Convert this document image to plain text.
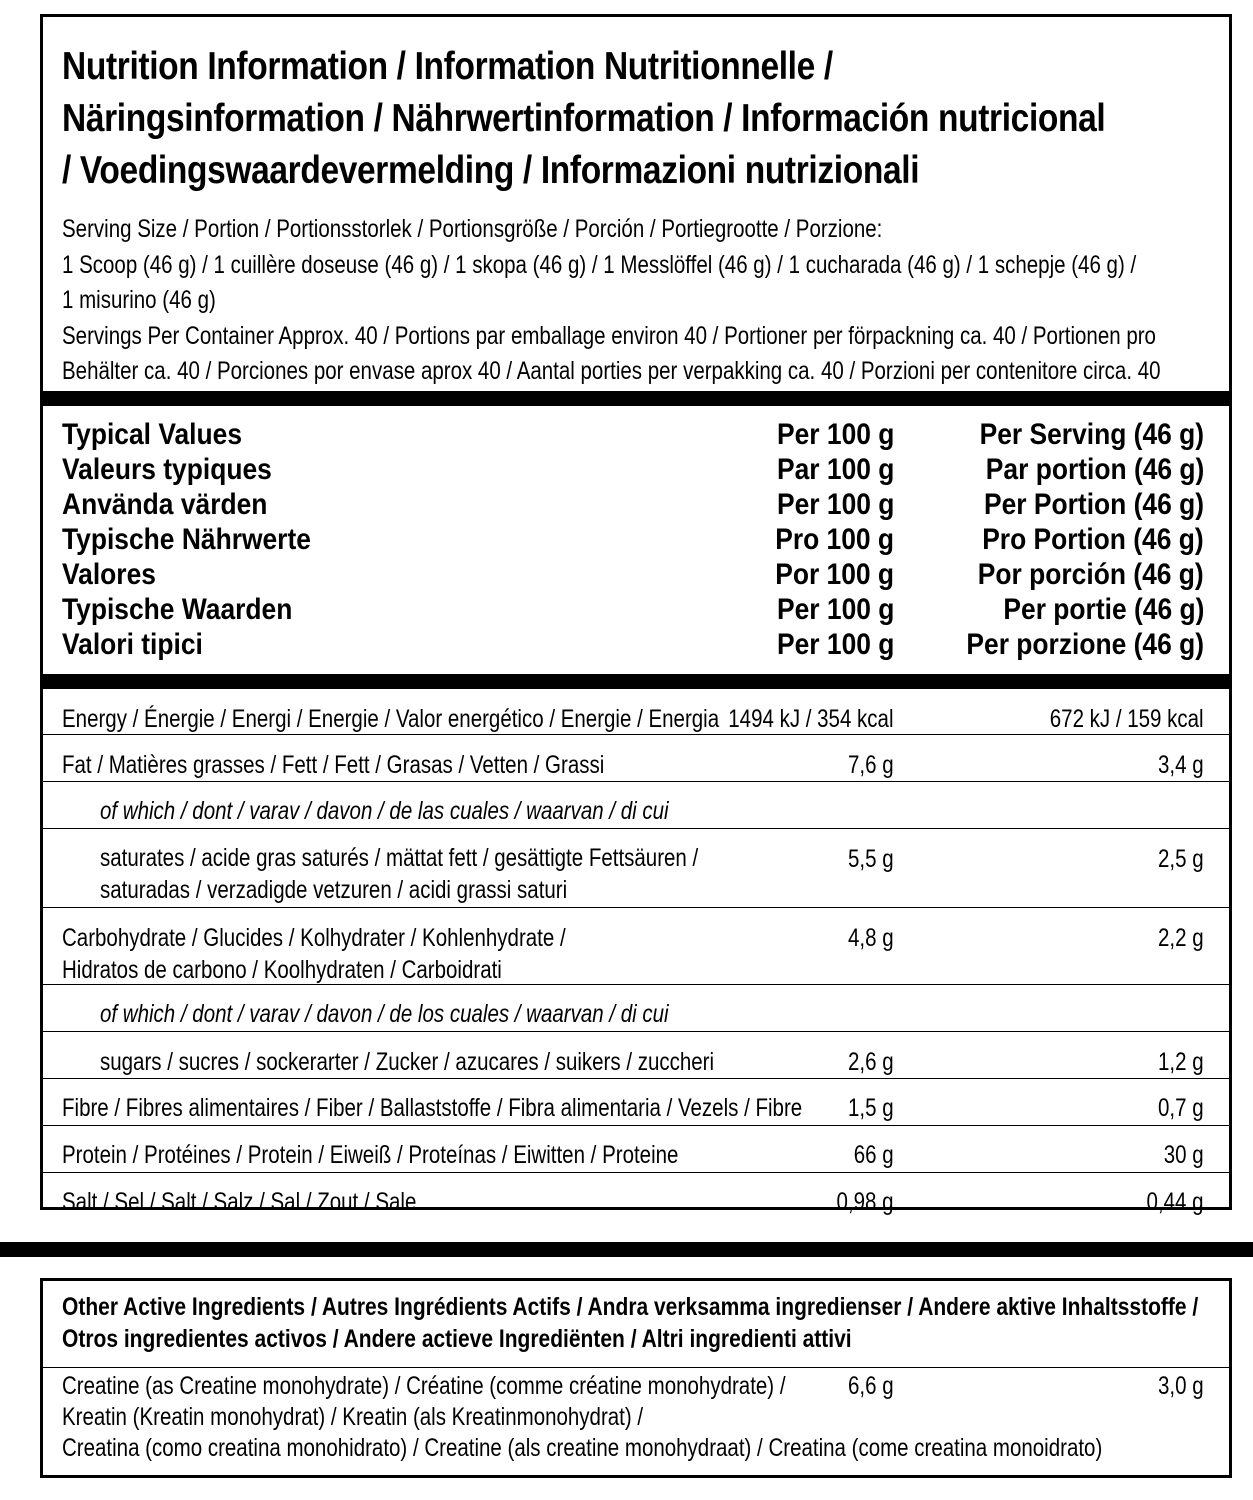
Nutrition Information / Information Nutritionnelle /
Näringsinformation / Nährwertinformation / Información nutricional
/ Voedingswaardevermelding / Informazioni nutrizionali
Serving Size / Portion / Portionsstorlek / Portionsgröße / Porción / Portiegrootte / Porzione:
1 Scoop (46 g) / 1 cuillère doseuse (46 g) / 1 skopa (46 g) / 1 Messlöffel (46 g) / 1 cucharada (46 g) / 1 schepje (46 g) /
1 misurino (46 g)
Servings Per Container Approx. 40 / Portions par emballage environ 40 / Portioner per förpackning ca. 40 / Portionen pro
Behälter ca. 40 / Porciones por envase aprox 40 / Aantal porties per verpakking ca. 40 / Porzioni per contenitore circa. 40
Typical Values	Per 100 g	Per Serving (46 g)
Valeurs typiques	Par 100 g	Par portion (46 g)
Använda värden	Per 100 g	Per Portion (46 g)
Typische Nährwerte	Pro 100 g	Pro Portion (46 g)
Valores	Por 100 g	Por porción (46 g)
Typische Waarden	Per 100 g	Per portie (46 g)
Valori tipici	Per 100 g Per porzione (46 g)
Energy / Énergie / Energi / Energie / Valor energético / Energie / Energia 1494 kJ / 354 kcal	672 kJ / 159 kcal
Fat / Matières grasses / Fett / Fett / Grasas / Vetten / Grassi	7,6 g	3,4 g
of which / dont / varav / davon / de las cuales / waarvan / di cui
saturates / acide gras saturés / mättat fett / gesättigte Fettsäuren /
saturadas / verzadigde vetzuren / acidi grassi saturi
5,5 g	2,5 g
Carbohydrate / Glucides / Kolhydrater / Kohlenhydrate /
Hidratos de carbono / Koolhydraten / Carboidrati
4,8 g	2,2 g
of which / dont / varav / davon / de los cuales / waarvan / di cui
sugars / sucres / sockerarter / Zucker / azucares / suikers / zuccheri	2,6 g	1,2 g
Fibre / Fibres alimentaires / Fiber / Ballaststoffe / Fibra alimentaria / Vezels / Fibre 1,5 g	0,7 g
Protein / Protéines / Protein / Eiweiß / Proteínas / Eiwitten / Proteine	66 g	30 g
Salt / Sel / Salt / Salz / Sal / Zout / Sale	0,98 g	0,44 g
Other Active Ingredients / Autres Ingrédients Actifs / Andra verksamma ingredienser / Andere aktive Inhaltsstoffe /
Otros ingredientes activos / Andere actieve Ingrediënten / Altri ingredienti attivi
Creatine (as Creatine monohydrate) / Créatine (comme créatine monohydrate) /
Kreatin (Kreatin monohydrat) / Kreatin (als Kreatinmonohydrat) /
Creatina (como creatina monohidrato) / Creatine (als creatine monohydraat) / Creatina (come creatina monoidrato)
6,6 g	3,0 g
